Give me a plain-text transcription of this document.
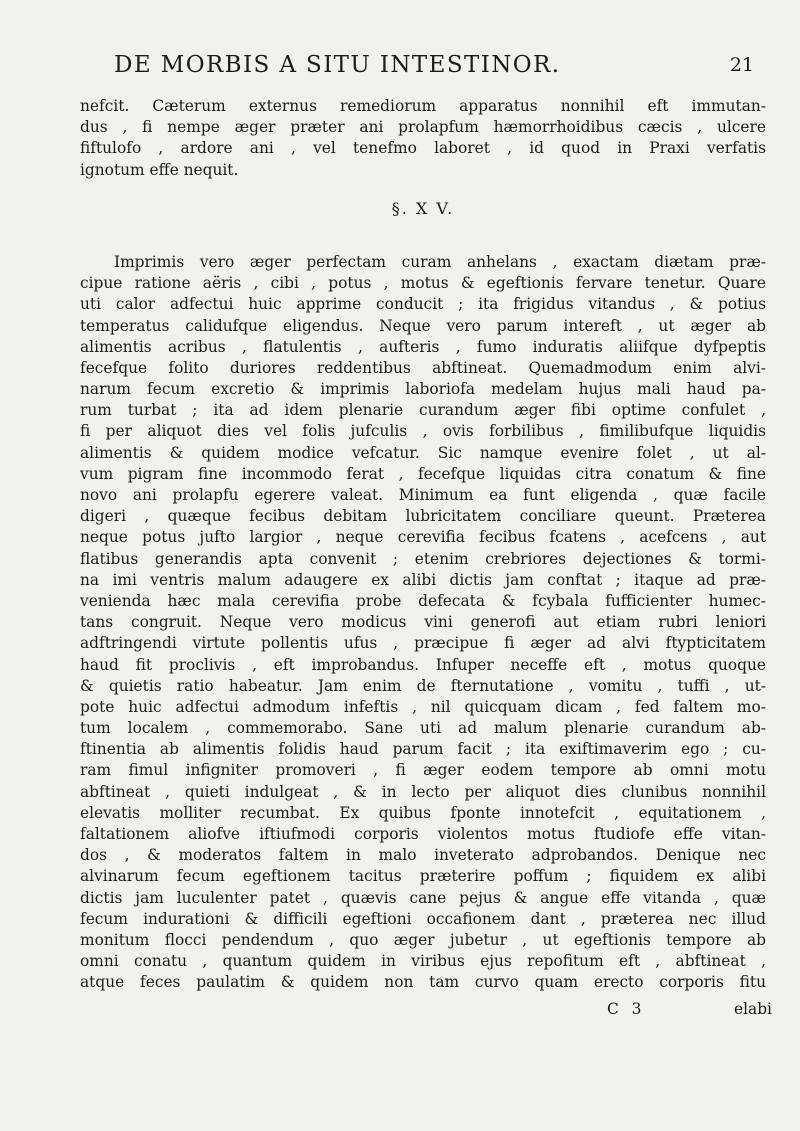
DE MORBIS A SITU INTESTINOR.	21
nefcit. Cæterum externus remediorum apparatus nonnihil eft immutan-
dus , fi nempe æger præter ani prolapfum hæmorrhoidibus cæcis , ulcere
fiftulofo , ardore ani , vel tenefmo laboret , id quod in Praxi verfatis
ignotum effe nequit.
§. X V.
Imprimis vero æger perfectam curam anhelans , exactam diætam præ-
cipue ratione aëris , cibi , potus , motus & egeftionis fervare tenetur. Quare
uti calor adfectui huic apprime conducit ; ita frigidus vitandus , & potius
temperatus calidufque eligendus. Neque vero parum intereft , ut æger ab
alimentis acribus , flatulentis , aufteris , fumo induratis aliifque dyfpeptis
fecefque folito duriores reddentibus abftineat. Quemadmodum enim alvi-
narum fecum excretio & imprimis laboriofa medelam hujus mali haud pa-
rum turbat ; ita ad idem plenarie curandum æger fibi optime confulet ,
fi per aliquot dies vel folis jufculis , ovis forbilibus , fimilibufque liquidis
alimentis & quidem modice vefcatur. Sic namque evenire folet , ut al-
vum pigram fine incommodo ferat , fecefque liquidas citra conatum & fine
novo ani prolapfu egerere valeat. Minimum ea funt eligenda , quæ facile
digeri , quæque fecibus debitam lubricitatem conciliare queunt. Præterea
neque potus jufto largior , neque cerevifia fecibus fcatens , acefcens , aut
flatibus generandis apta convenit ; etenim crebriores dejectiones & tormi-
na imi ventris malum adaugere ex alibi dictis jam conftat ; itaque ad præ-
venienda hæc mala cerevifia probe defecata & fcybala fufficienter humec-
tans congruit. Neque vero modicus vini generofi aut etiam rubri leniori
adftringendi virtute pollentis ufus , præcipue fi æger ad alvi ftypticitatem
haud fit proclivis , eft improbandus. Infuper neceffe eft , motus quoque
& quietis ratio habeatur. Jam enim de fternutatione , vomitu , tuffi , ut-
pote huic adfectui admodum infeftis , nil quicquam dicam , fed faltem mo-
tum localem , commemorabo. Sane uti ad malum plenarie curandum ab-
ftinentia ab alimentis folidis haud parum facit ; ita exiftimaverim ego ; cu-
ram fimul infigniter promoveri , fi æger eodem tempore ab omni motu
abftineat , quieti indulgeat , & in lecto per aliquot dies clunibus nonnihil
elevatis molliter recumbat. Ex quibus fponte innotefcit , equitationem ,
faltationem aliofve iftiufmodi corporis violentos motus ftudiofe effe vitan-
dos , & moderatos faltem in malo inveterato adprobandos. Denique nec
alvinarum fecum egeftionem tacitus præterire poffum ; fiquidem ex alibi
dictis jam luculenter patet , quævis cane pejus & angue effe vitanda , quæ
fecum indurationi & difficili egeftioni occafionem dant , præterea nec illud
monitum flocci pendendum , quo æger jubetur , ut egeftionis tempore ab
omni conatu , quantum quidem in viribus ejus repofitum eft , abftineat ,
atque feces paulatim & quidem non tam curvo quam erecto corporis fitu
C 3	elabi
